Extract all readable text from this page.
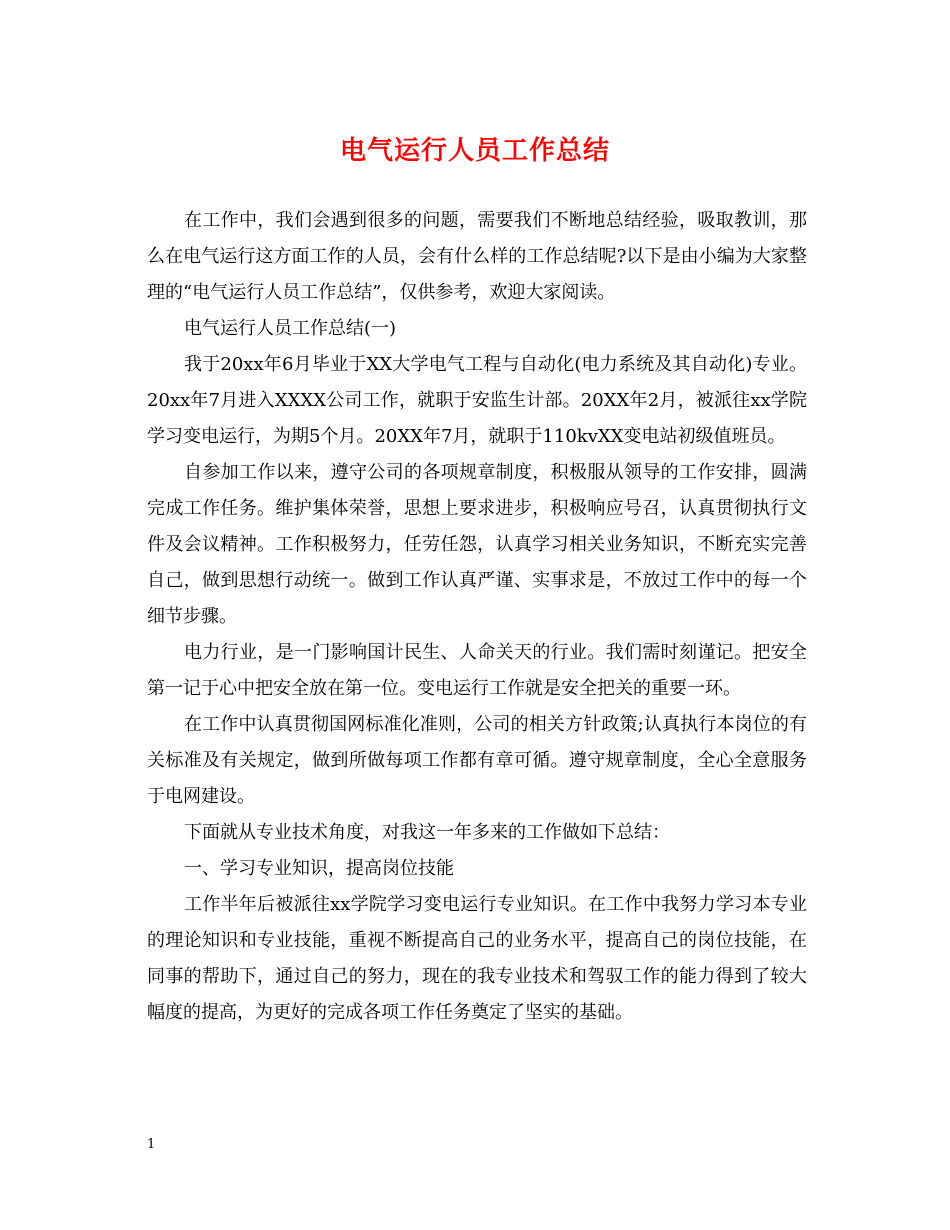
电气运行人员工作总结

在工作中，我们会遇到很多的问题，需要我们不断地总结经验，吸取教训，那么在电气运行这方面工作的人员，会有什么样的工作总结呢?以下是由小编为大家整理的“电气运行人员工作总结”，仅供参考，欢迎大家阅读。

电气运行人员工作总结(一)

我于20xx年6月毕业于XX大学电气工程与自动化(电力系统及其自动化)专业。20xx年7月进入XXXX公司工作，就职于安监生计部。20XX年2月，被派往xx学院学习变电运行，为期5个月。20XX年7月，就职于110kvXX变电站初级值班员。

自参加工作以来，遵守公司的各项规章制度，积极服从领导的工作安排，圆满完成工作任务。维护集体荣誉，思想上要求进步，积极响应号召，认真贯彻执行文件及会议精神。工作积极努力，任劳任怨，认真学习相关业务知识，不断充实完善自己，做到思想行动统一。做到工作认真严谨、实事求是，不放过工作中的每一个细节步骤。

电力行业，是一门影响国计民生、人命关天的行业。我们需时刻谨记。把安全第一记于心中把安全放在第一位。变电运行工作就是安全把关的重要一环。

在工作中认真贯彻国网标准化准则，公司的相关方针政策;认真执行本岗位的有关标准及有关规定，做到所做每项工作都有章可循。遵守规章制度，全心全意服务于电网建设。

下面就从专业技术角度，对我这一年多来的工作做如下总结：

一、学习专业知识，提高岗位技能

工作半年后被派往xx学院学习变电运行专业知识。在工作中我努力学习本专业的理论知识和专业技能，重视不断提高自己的业务水平，提高自己的岗位技能，在同事的帮助下，通过自己的努力，现在的我专业技术和驾驭工作的能力得到了较大幅度的提高，为更好的完成各项工作任务奠定了坚实的基础。

1
